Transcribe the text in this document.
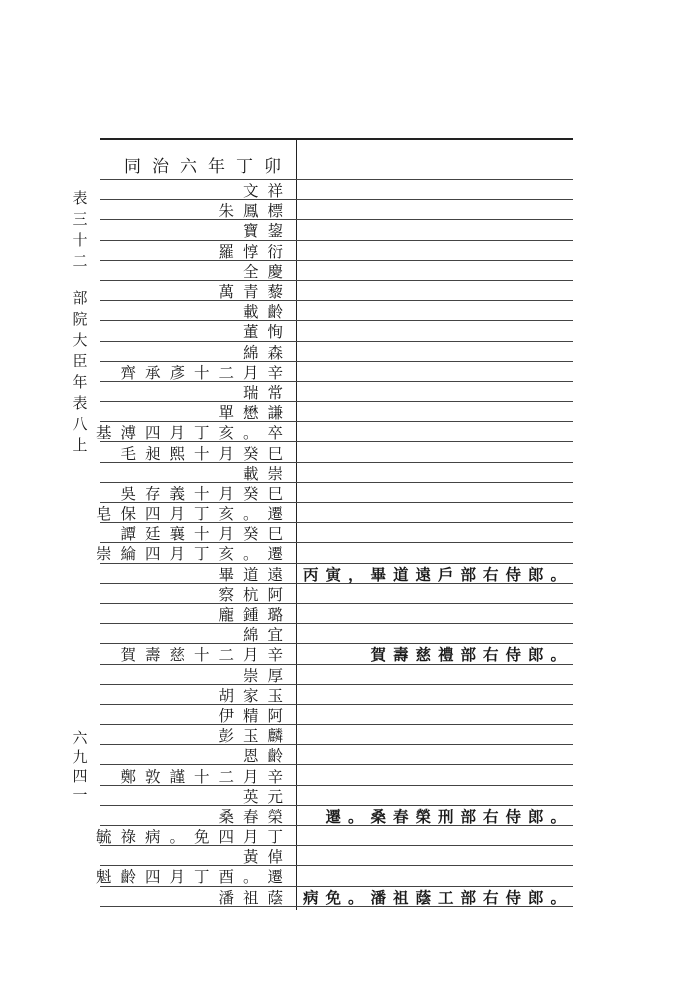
表三十二
部院大臣年表八上
六九四一
同治六年丁卯
文祥
朱鳳標
寶鋆
羅惇衍
全慶
萬青藜
載齡
董恂
綿森
齊承彥十二月辛
瑞常
單懋謙
基溥四月丁亥。卒
毛昶熙十月癸巳
載崇
吳存義十月癸巳
皂保四月丁亥。遷
譚廷襄十月癸巳
崇綸四月丁亥。遷
畢道遠 丙寅，畢道遠戶部右侍郎。
察杭阿
龐鍾璐
綿宜
賀壽慈十二月辛	賀壽慈禮部右侍郎。
崇厚
胡家玉
伊精阿
彭玉麟
恩齡
鄭敦謹十二月辛
英元
桑春榮	遷。桑春榮刑部右侍郎。
毓祿病。免四月丁
黃倬
魁齡四月丁酉。遷
潘祖蔭 病免。潘祖蔭工部右侍郎。
